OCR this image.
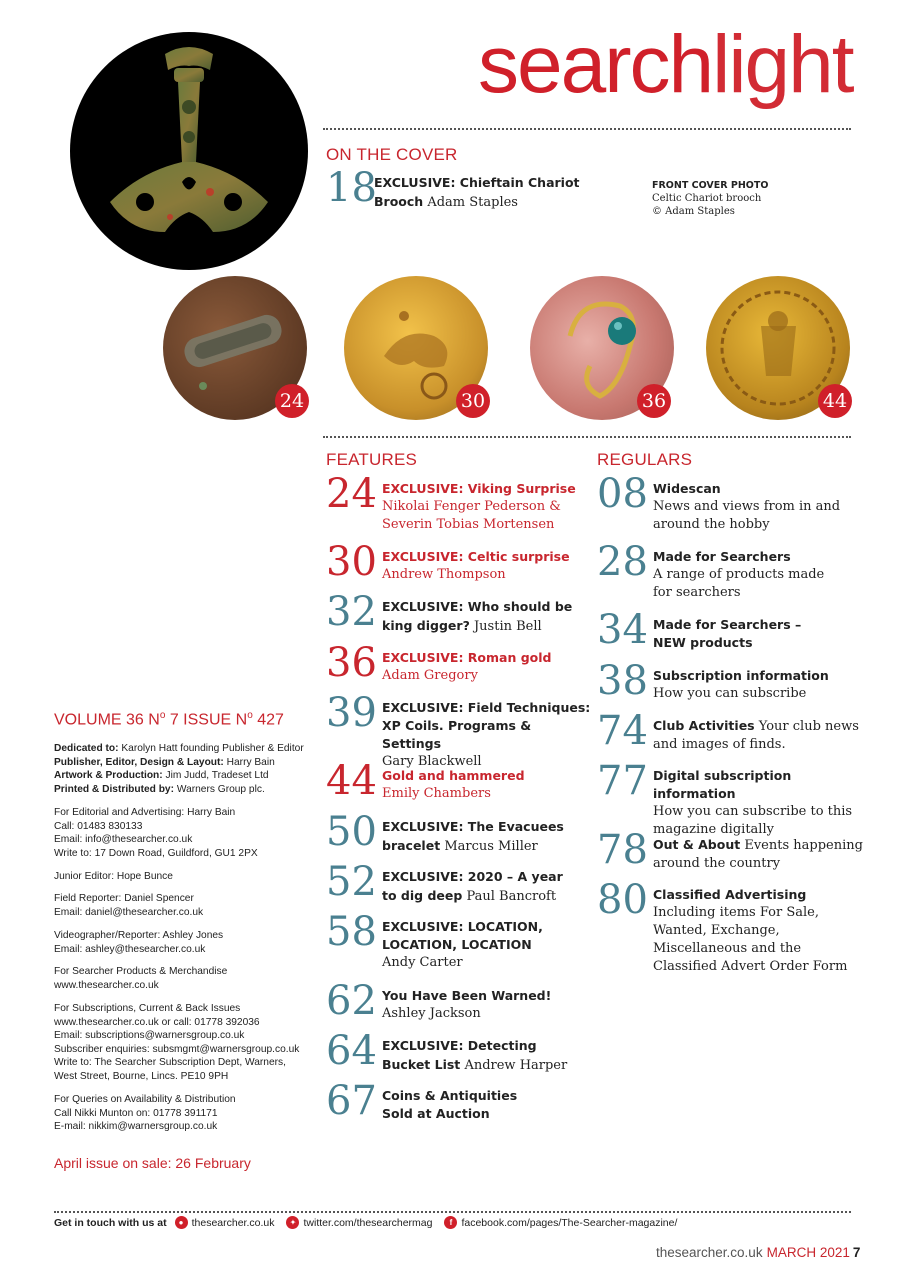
searchlight
ON THE COVER
18
EXCLUSIVE: Chieftain Chariot Brooch Adam Staples
FRONT COVER PHOTO
Celtic Chariot brooch
© Adam Staples
24	30	36	44
FEATURES
24 EXCLUSIVE: Viking Surprise
Nikolai Fenger Pederson & Severin Tobias Mortensen
30 EXCLUSIVE: Celtic surprise
Andrew Thompson
32 EXCLUSIVE: Who should be king digger? Justin Bell
36 EXCLUSIVE: Roman gold
Adam Gregory
39 EXCLUSIVE: Field Techniques: XP Coils. Programs & Settings
Gary Blackwell
44 Gold and hammered
Emily Chambers
50 EXCLUSIVE: The Evacuees bracelet Marcus Miller
52 EXCLUSIVE: 2020 – A year to dig deep Paul Bancroft
58 EXCLUSIVE: LOCATION, LOCATION, LOCATION
Andy Carter
62 You Have Been Warned!
Ashley Jackson
64 EXCLUSIVE: Detecting Bucket List Andrew Harper
67 Coins & Antiquities Sold at Auction
REGULARS
08 Widescan
News and views from in and around the hobby
28 Made for Searchers
A range of products made for searchers
34 Made for Searchers – NEW products
38 Subscription information
How you can subscribe
74 Club Activities Your club news and images of finds.
77 Digital subscription information
How you can subscribe to this magazine digitally
78 Out & About Events happening around the country
80 Classified Advertising
Including items For Sale, Wanted, Exchange, Miscellaneous and the Classified Advert Order Form
VOLUME 36 $N^o$ 7 ISSUE $N^o$ 427
Dedicated to: Karolyn Hatt founding Publisher & Editor
Publisher, Editor, Design & Layout: Harry Bain
Artwork & Production: Jim Judd, Tradeset Ltd
Printed & Distributed by: Warners Group plc.
For Editorial and Advertising: Harry Bain
Call: 01483 830133
Email: info@thesearcher.co.uk
Write to: 17 Down Road, Guildford, GU1 2PX
Junior Editor: Hope Bunce
Field Reporter: Daniel Spencer
Email: daniel@thesearcher.co.uk
Videographer/Reporter: Ashley Jones
Email: ashley@thesearcher.co.uk
For Searcher Products & Merchandise
www.thesearcher.co.uk
For Subscriptions, Current & Back Issues
www.thesearcher.co.uk or call: 01778 392036
Email: subscriptions@warnersgroup.co.uk
Subscriber enquiries: subsmgmt@warnersgroup.co.uk
Write to: The Searcher Subscription Dept, Warners,
West Street, Bourne, Lincs. PE10 9PH
For Queries on Availability & Distribution
Call Nikki Munton on: 01778 391171
E-mail: nikkim@warnersgroup.co.uk
April issue on sale: 26 February
Get in touch with us at	● thesearcher.co.uk	✦ twitter.com/thesearchermag	f facebook.com/pages/The-Searcher-magazine/
thesearcher.co.uk MARCH 2021 7
